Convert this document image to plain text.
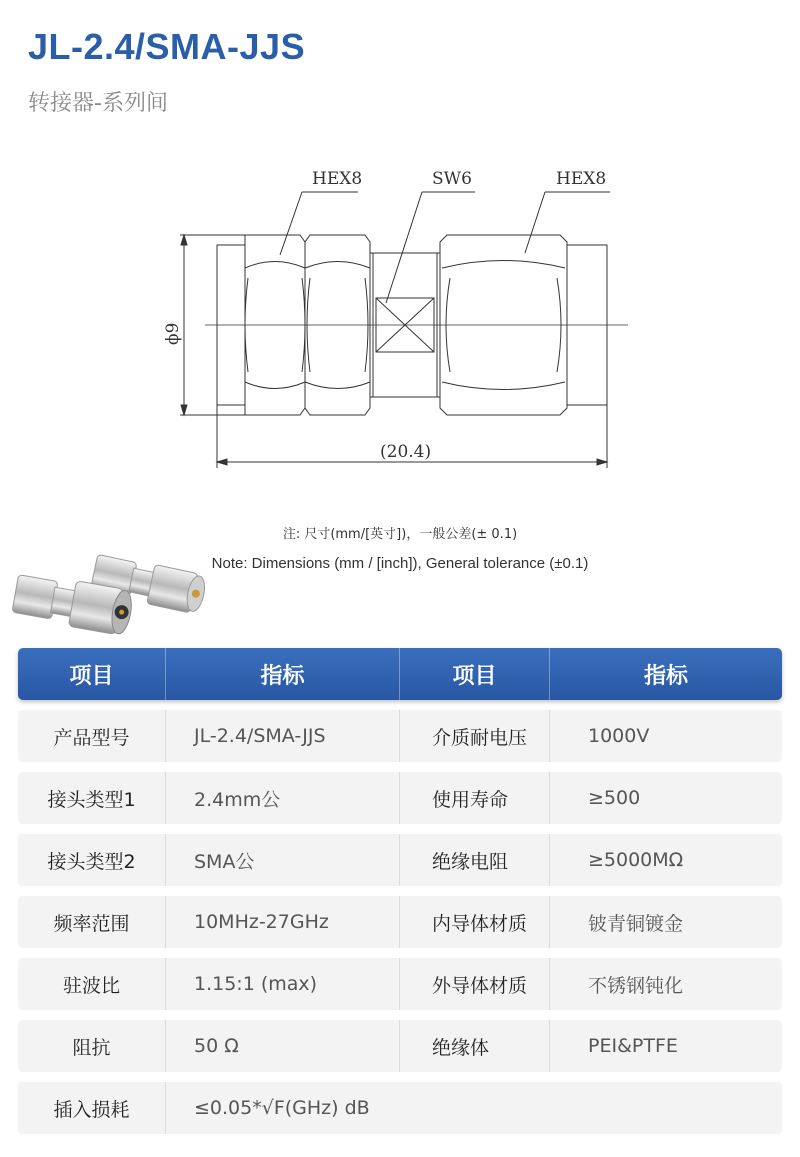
JL-2.4/SMA-JJS
转接器-系列间
HEX8	SW6	HEX8
(20.4)
ϕ9
注: 尺寸(mm/[英寸])，一般公差(± 0.1)
Note: Dimensions (mm / [inch]), General tolerance (±0.1)
项目	指标	项目	指标
产品型号	JL-2.4/SMA-JJS	介质耐电压	1000V
接头类型1	2.4mm公	使用寿命	≥500
接头类型2	SMA公	绝缘电阻	≥5000MΩ
频率范围	10MHz-27GHz	内导体材质	铍青铜镀金
驻波比	1.15:1 (max)	外导体材质	不锈钢钝化
阻抗	50 Ω	绝缘体	PEI&PTFE
插入损耗	≤0.05*√F(GHz) dB
